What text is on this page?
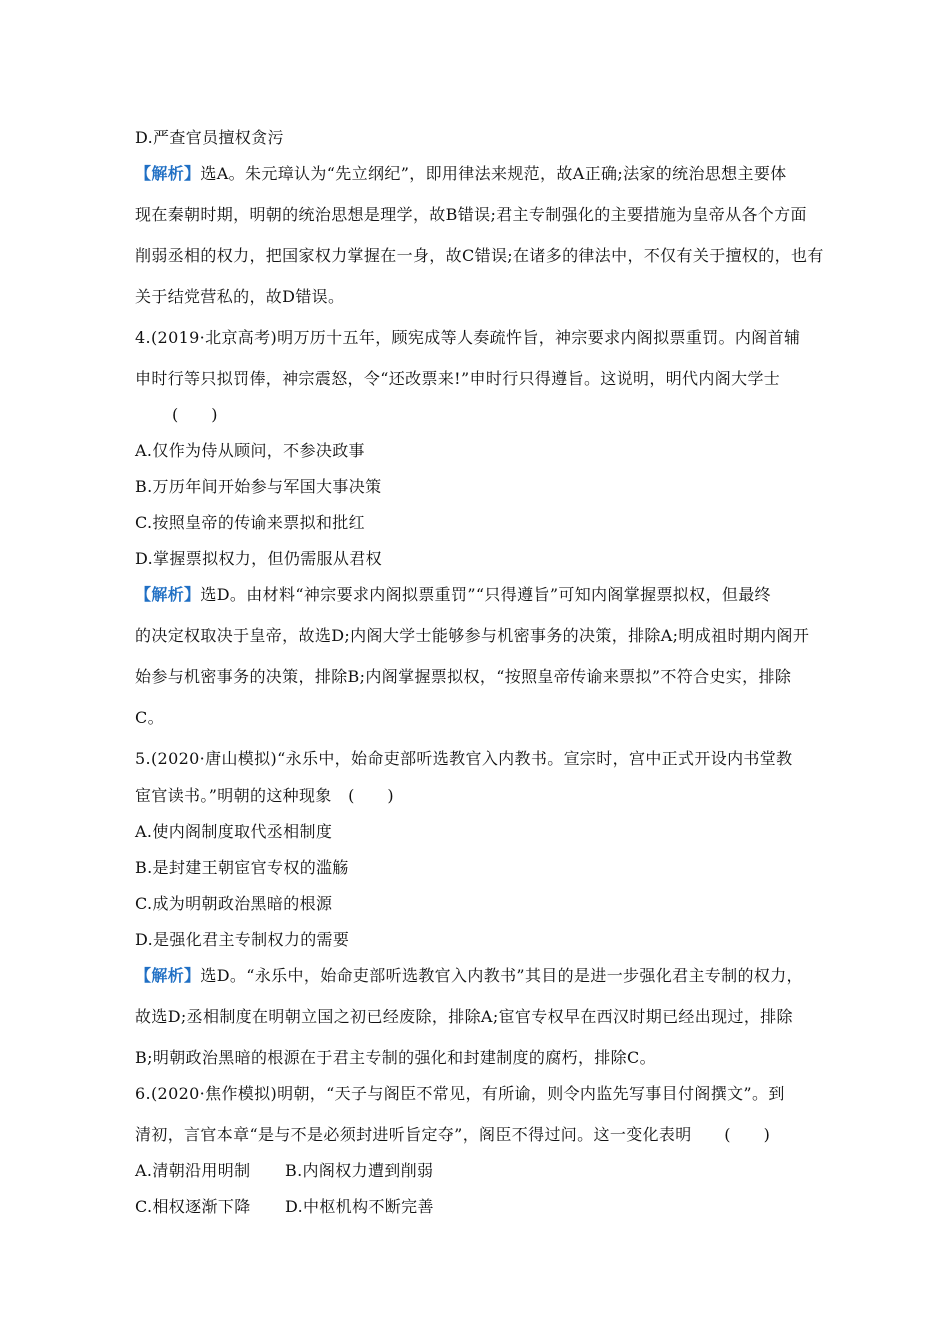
D.严查官员擅权贪污
【解析】选A。朱元璋认为“先立纲纪”，即用律法来规范，故A正确;法家的统治思想主要体
现在秦朝时期，明朝的统治思想是理学，故B错误;君主专制强化的主要措施为皇帝从各个方面
削弱丞相的权力，把国家权力掌握在一身，故C错误;在诸多的律法中，不仅有关于擅权的，也有
关于结党营私的，故D错误。
4.(2019·北京高考)明万历十五年，顾宪成等人奏疏忤旨，神宗要求内阁拟票重罚。内阁首辅
申时行等只拟罚俸，神宗震怒，令“还改票来!”申时行只得遵旨。这说明，明代内阁大学士
(　　)
A.仅作为侍从顾问，不参决政事
B.万历年间开始参与军国大事决策
C.按照皇帝的传谕来票拟和批红
D.掌握票拟权力，但仍需服从君权
【解析】选D。由材料“神宗要求内阁拟票重罚”“只得遵旨”可知内阁掌握票拟权，但最终
的决定权取决于皇帝，故选D;内阁大学士能够参与机密事务的决策，排除A;明成祖时期内阁开
始参与机密事务的决策，排除B;内阁掌握票拟权，“按照皇帝传谕来票拟”不符合史实，排除
C。
5.(2020·唐山模拟)“永乐中，始命吏部听选教官入内教书。宣宗时，宫中正式开设内书堂教
宦官读书。”明朝的这种现象　(　　)
A.使内阁制度取代丞相制度
B.是封建王朝宦官专权的滥觞
C.成为明朝政治黑暗的根源
D.是强化君主专制权力的需要
【解析】选D。“永乐中，始命吏部听选教官入内教书”其目的是进一步强化君主专制的权力，
故选D;丞相制度在明朝立国之初已经废除，排除A;宦官专权早在西汉时期已经出现过，排除
B;明朝政治黑暗的根源在于君主专制的强化和封建制度的腐朽，排除C。
6.(2020·焦作模拟)明朝，“天子与阁臣不常见，有所谕，则令内监先写事目付阁撰文”。到
清初，言官本章“是与不是必须封进听旨定夺”，阁臣不得过问。这一变化表明　　(　　)
A.清朝沿用明制 B.内阁权力遭到削弱
C.相权逐渐下降 D.中枢机构不断完善
